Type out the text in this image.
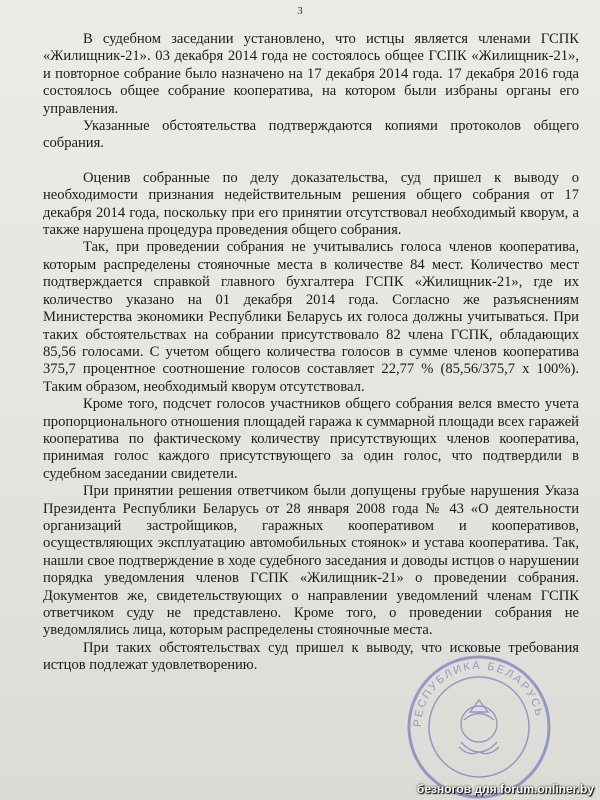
3

В судебном заседании установлено, что истцы является членами ГСПК «Жилищник-21». 03 декабря 2014 года не состоялось общее ГСПК «Жилищник-21», и повторное собрание было назначено на 17 декабря 2014 года. 17 декабря 2016 года состоялось общее собрание кооператива, на котором были избраны органы его управления.

Указанные обстоятельства подтверждаются копиями протоколов общего собрания.

Оценив собранные по делу доказательства, суд пришел к выводу о необходимости признания недействительным решения общего собрания от 17 декабря 2014 года, поскольку при его принятии отсутствовал необходимый кворум, а также нарушена процедура проведения общего собрания.

Так, при проведении собрания не учитывались голоса членов кооператива, которым распределены стояночные места в количестве 84 мест. Количество мест подтверждается справкой главного бухгалтера ГСПК «Жилищник-21», где их количество указано на 01 декабря 2014 года. Согласно же разъяснениям Министерства экономики Республики Беларусь их голоса должны учитываться. При таких обстоятельствах на собрании присутствовало 82 члена ГСПК, обладающих 85,56 голосами. С учетом общего количества голосов в сумме членов кооператива 375,7 процентное соотношение голосов составляет 22,77 % (85,56/375,7 х 100%). Таким образом, необходимый кворум отсутствовал.

Кроме того, подсчет голосов участников общего собрания велся вместо учета пропорционального отношения площадей гаража к суммарной площади всех гаражей кооператива по фактическому количеству присутствующих членов кооператива, принимая голос каждого присутствующего за один голос, что подтвердили в судебном заседании свидетели.

При принятии решения ответчиком были допущены грубые нарушения Указа Президента Республики Беларусь от 28 января 2008 года № 43 «О деятельности организаций застройщиков, гаражных кооперативом и кооперативов, осуществляющих эксплуатацию автомобильных стоянок» и устава кооператива. Так, нашли свое подтверждение в ходе судебного заседания и доводы истцов о нарушении порядка уведомления членов ГСПК «Жилищник-21» о проведении собрания. Документов же, свидетельствующих о направлении уведомлений членам ГСПК ответчиком суду не представлено. Кроме того, о проведении собрания не уведомлялись лица, которым распределены стояночные места.

При таких обстоятельствах суд пришел к выводу, что исковые требования истцов подлежат удовлетворению.

РЕСПУБЛИКА БЕЛАРУСЬ
безногов для forum.onliner.by
